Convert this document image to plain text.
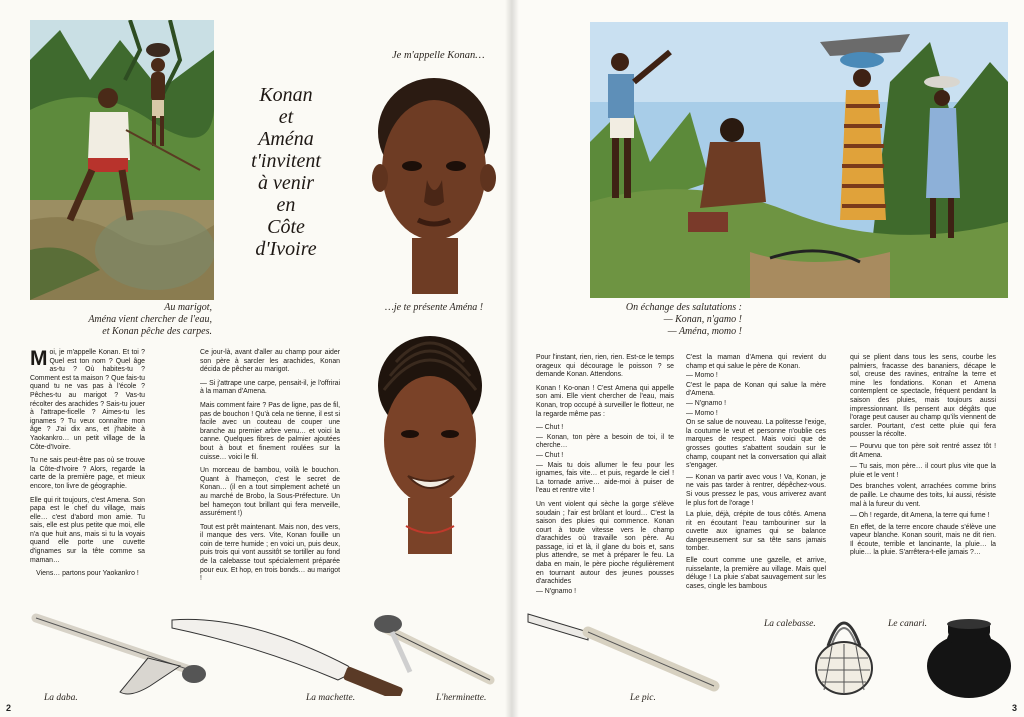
Au marigot,
Aména vient chercher de l'eau,
et Konan pêche des carpes.
Konan
et
Aména
t'invitent
à venir
en
Côte
d'Ivoire
Je m'appelle Konan…
…je te présente Aména !

Moi, je m'appelle Konan. Et toi ? Quel est ton nom ? Quel âge as-tu ? Où habites-tu ? Comment est ta maison ? Que fais-tu quand tu ne vas pas à l'école ? Pêches-tu au marigot ? Vas-tu récolter des arachides ? Sais-tu jouer à l'attrape-ficelle ? Aimes-tu les ignames ? Tu veux connaître mon âge ? J'ai dix ans, et j'habite à Yaokankro… un petit village de la Côte-d'Ivoire.

Tu ne sais peut-être pas où se trouve la Côte-d'Ivoire ? Alors, regarde la carte de la première page, et mieux encore, ton livre de géographie.

Elle qui rit toujours, c'est Amena. Son papa est le chef du village, mais elle… c'est d'abord mon amie. Tu sais, elle est plus petite que moi, elle n'a que huit ans, mais si tu la voyais quand elle porte une cuvette d'ignames sur la tête comme sa maman…

Viens… partons pour Yaokankro !

Ce jour-là, avant d'aller au champ pour aider son père à sarcler les arachides, Konan décida de pêcher au marigot.

— Si j'attrape une carpe, pensait-il, je l'offrirai à la maman d'Amena.

Mais comment faire ? Pas de ligne, pas de fil, pas de bouchon ! Qu'à cela ne tienne, il est si facile avec un couteau de couper une branche au premier arbre venu… et voici la canne. Quelques fibres de palmier ajoutées bout à bout et finement roulées sur la cuisse… voici le fil.

Un morceau de bambou, voilà le bouchon. Quant à l'hameçon, c'est le secret de Konan… (il en a tout simplement acheté un au marché de Brobo, la Sous-Préfecture. Un bel hameçon tout brillant qui fera merveille, assurément !)

Tout est prêt maintenant. Mais non, des vers, il manque des vers. Vite, Konan fouille un coin de terre humide ; en voici un, puis deux, puis trois qui vont aussitôt se tortiller au fond de la calebasse tout spécialement préparée pour eux. Et hop, en trois bonds… au marigot !

La daba.	La machette.	L'herminette.
2
On échange des salutations :
— Konan, n'gamo !
— Aména, momo !

Pour l'instant, rien, rien, rien. Est-ce le temps orageux qui décourage le poisson ? se demande Konan. Attendons.

Konan ! Ko-onan ! C'est Amena qui appelle son ami. Elle vient chercher de l'eau, mais Konan, trop occupé à surveiller le flotteur, ne la regarde même pas :

— Chut !

— Konan, ton père a besoin de toi, il te cherche…

— Chut !

— Mais tu dois allumer le feu pour les ignames, fais vite… et puis, regarde le ciel ! La tornade arrive… aide-moi à puiser de l'eau et rentre vite !

Un vent violent qui sèche la gorge s'élève soudain ; l'air est brûlant et lourd… C'est la saison des pluies qui commence. Konan court à toute vitesse vers le champ d'arachides où travaille son père. Au passage, ici et là, il glane du bois et, sans plus attendre, se met à préparer le feu. La daba en main, le père pioche régulièrement en tournant autour des jeunes pousses d'arachides

— N'gnamo !

C'est la maman d'Amena qui revient du champ et qui salue le père de Konan.

— Momo !

C'est le papa de Konan qui salue la mère d'Amena.

— N'gnamo !

— Momo !

On se salue de nouveau. La politesse l'exige, la coutume le veut et personne n'oublie ces marques de respect. Mais voici que de grosses gouttes s'abattent soudain sur le champ, coupant net la conversation qui allait s'engager.

— Konan va partir avec vous ! Va, Konan, je ne vais pas tarder à rentrer, dépêchez-vous. Si vous pressez le pas, vous arriverez avant le plus fort de l'orage !

La pluie, déjà, crépite de tous côtés. Amena rit en écoutant l'eau tambouriner sur la cuvette aux ignames qui se balance dangereusement sur sa tête sans jamais tomber.

Elle court comme une gazelle, et arrive, ruisselante, la première au village. Mais quel déluge ! La pluie s'abat sauvagement sur les cases, cingle les bambous

qui se plient dans tous les sens, courbe les palmiers, fracasse des bananiers, décape le sol, creuse des ravines, entraîne la terre et mine les fondations. Konan et Amena contemplent ce spectacle, fréquent pendant la saison des pluies, mais toujours aussi impressionnant. Ils pensent aux dégâts que l'orage peut causer au champ qu'ils viennent de sarcler. Pourtant, c'est cette pluie qui fera pousser la récolte.

— Pourvu que ton père soit rentré assez tôt ! dit Amena.

— Tu sais, mon père… il court plus vite que la pluie et le vent !

Des branches volent, arrachées comme brins de paille. Le chaume des toits, lui aussi, résiste mal à la fureur du vent.

— Oh ! regarde, dit Amena, la terre qui fume !

En effet, de la terre encore chaude s'élève une vapeur blanche. Konan sourit, mais ne dit rien. Il écoute, terrible et lancinante, la pluie… la pluie… la pluie. S'arrêtera-t-elle jamais ?…

Le pic.
La calebasse.	Le canari.
3
